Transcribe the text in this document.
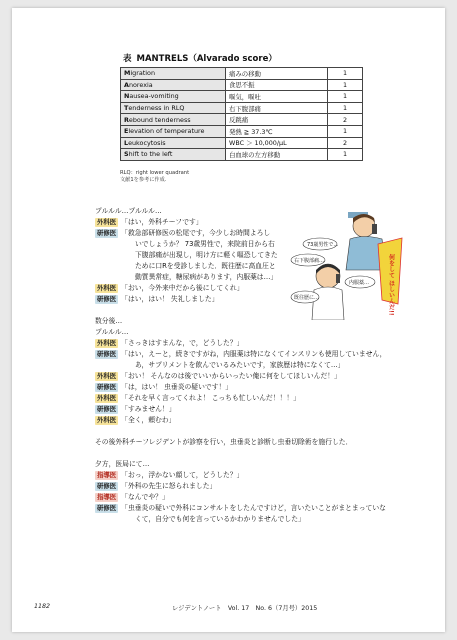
表 MANTRELS（Alvarado score）
Migration	痛みの移動	1
Anorexia	食思不振	1
Nausea-vomiting	嘔気，嘔吐	1
Tenderness in RLQ	右下腹部痛	1
Rebound tenderness	反跳痛	2
Elevation of temperature	発熱 ≧ 37.3℃	1
Leukocytosis	WBC ＞ 10,000/μL	2
Shift to the left	白血球の左方移動	1
RLQ：right lower quadrant
文献1を参考に作成.
何をして ほしいんだ!!
73歳男性で…
右下腹部痛…
内服薬…
既往歴に…
プルルル…プルルル…
外科医 「はい，外科チーフです」
研修医 「救急部研修医の松尾です，今少しお時間よろし
いでしょうか？ 73歳男性で，来院前日から右
下腹部痛が出現し，明け方に軽く嘔恐してきた
ために口Rを受診しました．既往歴に高血圧と
動質異常症，糖尿病があります，内服薬は…」
外科医 「おい，今外来中だから後にしてくれ」
研修医 「はい，はい！ 失礼しました」
数分後…
プルルル…
外科医 「さっきはすまんな，で，どうした？」
研修医 「はい，えーと，続きですがね，内服薬は特になくてインスリンも使用していません，
あ，サプリメントを飲んでいるみたいです，家族歴は特になくて…」
外科医 「おい！ そんなのは後でいいからいったい俺に何をしてほしいんだ！」
研修医 「は，はい！ 虫垂炎の疑いです！」
外科医 「それを早く言ってくれよ！ こっちも忙しいんだ！！！」
研修医 「すみません！」
外科医 「全く，頼むわ」
その後外科チーフレジデントが診察を行い，虫垂炎と診断し虫垂切除術を施行した．
夕方，医局にて…
指導医 「おっ，浮かない顔して，どうした？」
研修医 「外科の先生に怒られました」
指導医 「なんでや？」
研修医 「虫垂炎の疑いで外科にコンサルトをしたんですけど，言いたいことがまとまっていな
くて，自分でも何を言っているかわかりませんでした」
1182	レジデントノート　Vol. 17　No. 6（7月号）2015
